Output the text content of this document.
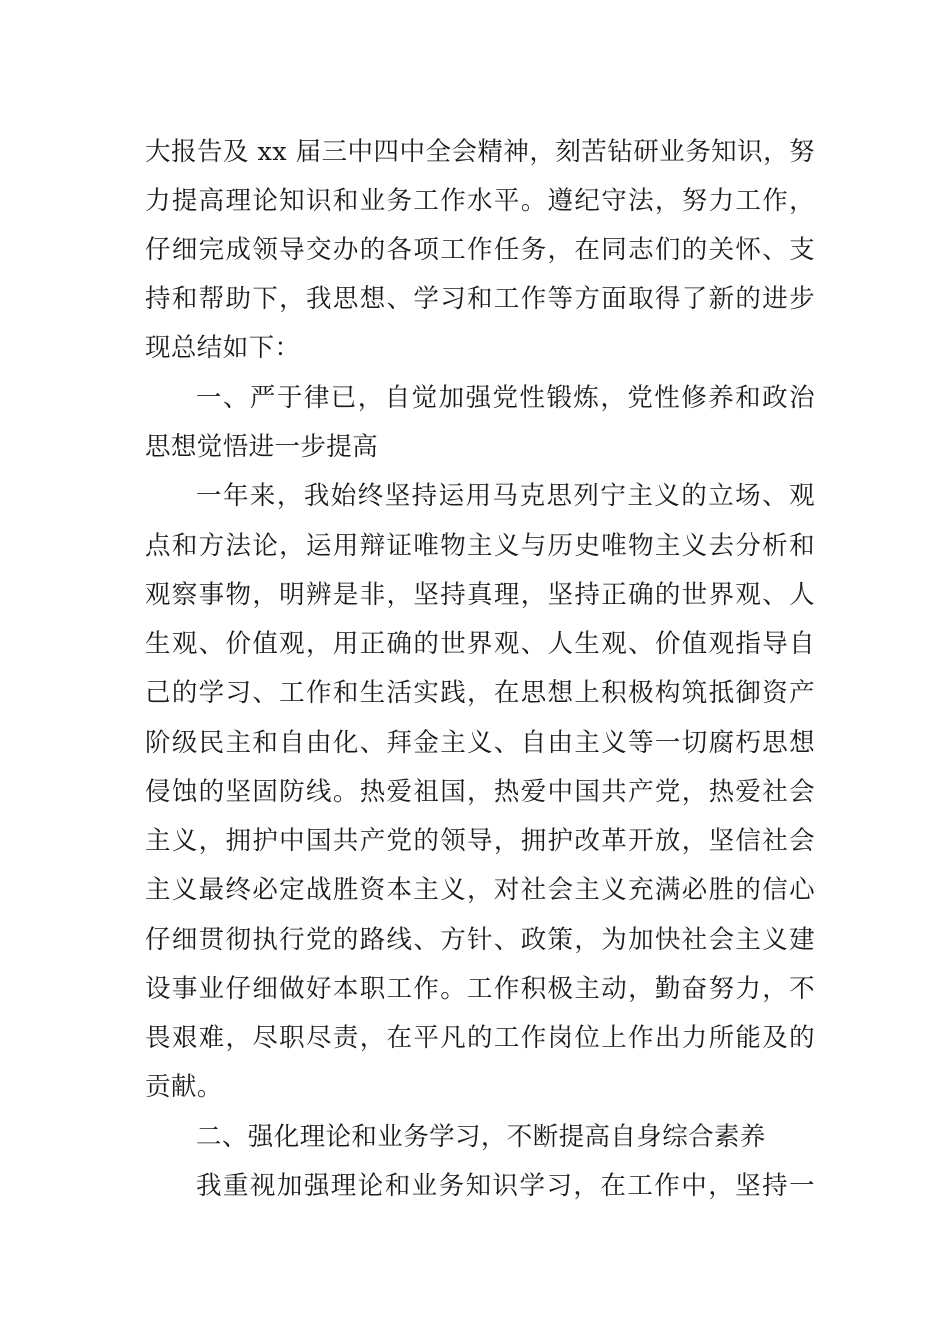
大报告及 xx 届三中四中全会精神，刻苦钻研业务知识，努
力提高理论知识和业务工作水平。遵纪守法，努力工作，
仔细完成领导交办的各项工作任务，在同志们的关怀、支
持和帮助下，我思想、学习和工作等方面取得了新的进步
现总结如下：
一、严于律已，自觉加强党性锻炼，党性修养和政治
思想觉悟进一步提高
一年来，我始终坚持运用马克思列宁主义的立场、观
点和方法论，运用辩证唯物主义与历史唯物主义去分析和
观察事物，明辨是非，坚持真理，坚持正确的世界观、人
生观、价值观，用正确的世界观、人生观、价值观指导自
己的学习、工作和生活实践，在思想上积极构筑抵御资产
阶级民主和自由化、拜金主义、自由主义等一切腐朽思想
侵蚀的坚固防线。热爱祖国，热爱中国共产党，热爱社会
主义，拥护中国共产党的领导，拥护改革开放，坚信社会
主义最终必定战胜资本主义，对社会主义充满必胜的信心
仔细贯彻执行党的路线、方针、政策，为加快社会主义建
设事业仔细做好本职工作。工作积极主动，勤奋努力，不
畏艰难，尽职尽责，在平凡的工作岗位上作出力所能及的
贡献。
二、强化理论和业务学习，不断提高自身综合素养
我重视加强理论和业务知识学习，在工作中，坚持一
